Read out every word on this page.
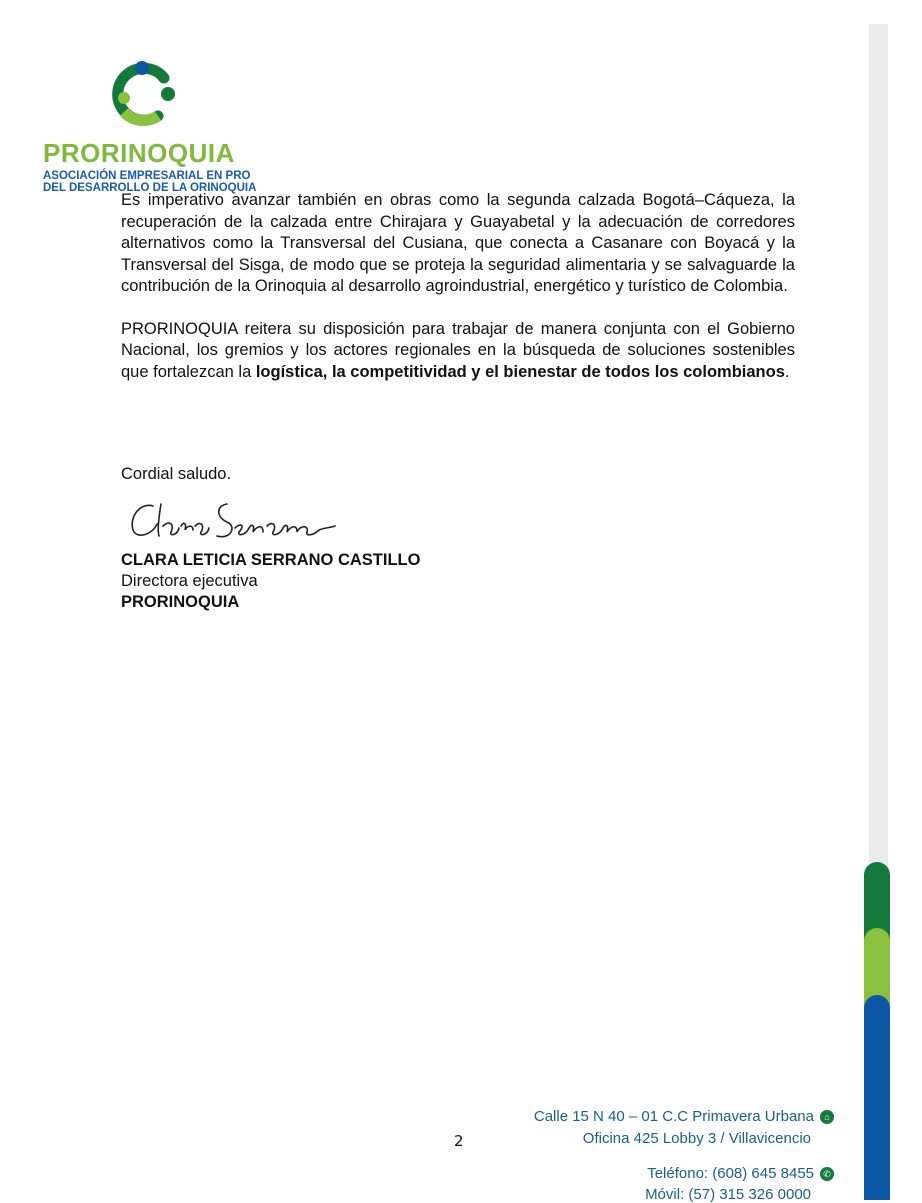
PRORINOQUIA
ASOCIACIÓN EMPRESARIAL EN PRO
DEL DESARROLLO DE LA ORINOQUIA

Es imperativo avanzar también en obras como la segunda calzada Bogotá–Cáqueza, la recuperación de la calzada entre Chirajara y Guayabetal y la adecuación de corredores alternativos como la Transversal del Cusiana, que conecta a Casanare con Boyacá y la Transversal del Sisga, de modo que se proteja la seguridad alimentaria y se salvaguarde la contribución de la Orinoquia al desarrollo agroindustrial, energético y turístico de Colombia.

PRORINOQUIA reitera su disposición para trabajar de manera conjunta con el Gobierno Nacional, los gremios y los actores regionales en la búsqueda de soluciones sostenibles que fortalezcan la logística, la competitividad y el bienestar de todos los colombianos.

Cordial saludo.
CLARA LETICIA SERRANO CASTILLO
Directora ejecutiva
PRORINOQUIA
2
Calle 15 N 40 – 01 C.C Primavera Urbana ⌂
Oficina 425 Lobby 3 / Villavicencio
Teléfono: (608) 645 8455 ✆
Móvil: (57) 315 326 0000
